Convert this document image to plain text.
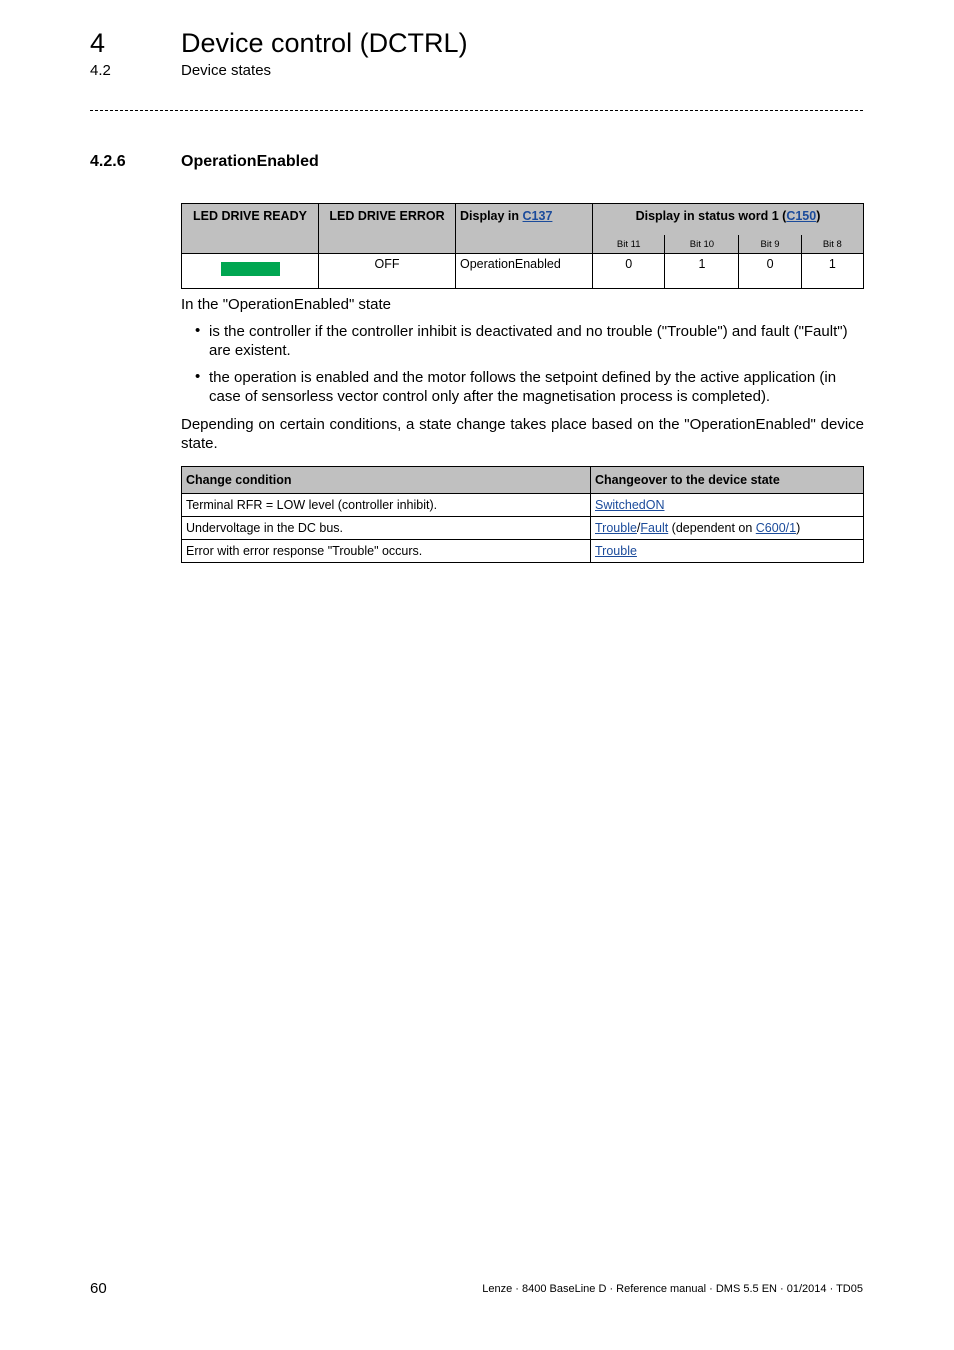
4	Device control (DCTRL)
4.2	Device states
4.2.6	OperationEnabled
LED DRIVE READY	LED DRIVE ERROR	Display in C137	Display in status word 1 (C150)			
			Bit 11	Bit 10	Bit 9	Bit 8
	OFF	OperationEnabled	0	1	0	1
In the "OperationEnabled" state
• is the controller if the controller inhibit is deactivated and no trouble ("Trouble") and fault ("Fault") are existent.
• the operation is enabled and the motor follows the setpoint defined by the active application (in case of sensorless vector control only after the magnetisation process is completed).
Depending on certain conditions, a state change takes place based on the "OperationEnabled" device state.
Change condition	Changeover to the device state
Terminal RFR = LOW level (controller inhibit).	SwitchedON
Undervoltage in the DC bus.	Trouble/Fault (dependent on C600/1)
Error with error response "Trouble" occurs.	Trouble
60	Lenze · 8400 BaseLine D · Reference manual · DMS 5.5 EN · 01/2014 · TD05
